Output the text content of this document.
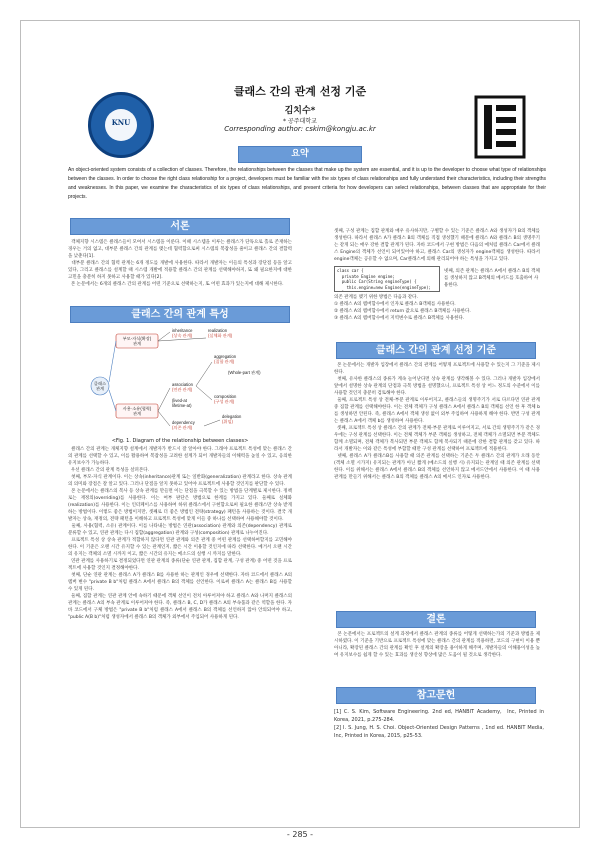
KNU
클래스 간의 관계 선정 기준
김치수*
* 공주대학교
Corresponding author: cskim@kongju.ac.kr
요약
An object-oriented system consists of a collection of classes. Therefore, the relationships between the classes that make up the system are essential, and it is up to the developer to choose what type of relationships between the classes. In order to choose the right class relationship for a project, developers must be familiar with the six types of class relationships and fully understand their characteristics, including their strengths and weaknesses. In this paper, we examine the characteristics of six types of class relationships, and present criteria for how developers can select relationships, between classes that are appropriate for their projects.
서론
객체지향 시스템은 클래스들이 모여서 시스템을 이룬다. 이때 시스템을 이루는 클래스가 단독으로 홀로 존재하는 경우는 거의 없고, 대부분 클래스 간의 관계를 맺는데 협력함으로써 시스템의 복잡성을 줄이고 클래스 간의 결합력을 낮춘다[1].
대부분 클래스 간의 협력 관계는 6개 정도를 개발에 사용한다. 따라서 개발자는 이들의 특성과 장단점 등을 알고 있다, 그리고 클래스를 설계할 때 시스템 개발에 적용할 클래스 간의 관계를 선택해야하지, 또 왜 필요한지에 대한 고민을 충분히 하지 못하고 사용할 때가 있다[2].
본 논문에서는 6개의 클래스 간의 관계를 어떤 기준으로 선택하는지, 또 어떤 효과가 있는지에 대해 제시한다.
클래스 간의 관계 특성
클래스
관계
부모-자식(확장)
관계
사용·소유(협력)
관계
inheritance
(상속 관계)
realization
(실체화 관계)
association
(연관 관계)
(lived-at
lifetime-at)
dependency
(의존 관계)
aggregation
(집합 관계)
(Whole-part 관계)
composition
(구성 관계)
delegation
(위임)
<Fig. 1. Diagram of the relationship between classes>
클래스 간의 관계는 개체지향 설계에서 개발자가 반드시 잘 알아야 한다. 그래야 프로젝트 특성에 맞는 클래스 간의 관계를 선택할 수 있고, 이를 활용하여 복잡성을 고려한 설계가 되어 개발자들의 이해력을 높일 수 있고, 응의한 유지보수가 가능하다.
우선 클래스 간의 관계 특성을 살펴본다.
첫째, 부모-자식 관계이다. 이는 상속(inheritance)관계 또는 일반화(generalization) 관계라고 한다. 상속 관계의 의미와 장점은 잘 알고 있다. 그러나 단점을 알지 못하고 있어야 프로젝트에 사용할 것인지를 판단할 수 있다.
본 논문에서는 클래스의 복사 등 상속 관계를 만들면 이는 단점을 극복할 수 있는 방법을 단계별로 제시한다. 정책로는 재정의(overriding)를 사용한다. 이는 여부 판단은 방법으로 한계를 가지고 있다. 둘째로 실체화(realization)를 사용한다. 이는 인터페이스를 사용하여 하위 클래스에서 구현함으로써 필요한 클래스만 상속 받게 하는 방법이다. 이렇도 좋은 방법이지만, 셋째로 더 좋은 방법인 전략(strategy) 패턴을 사용하는 것이다. 결국 개발자는 상속, 재정의, 전략 패턴을 이해하고 프로젝트 특성에 맞게 이들 중 하나를 선택하여 사용해야할 것이다.
둘째, 사용(협력, 소유) 관계이다. 이를 나타내는 방법은 연관(association) 관계와 의존(dependency) 관계로 분류할 수 있고, 연관 관계는 다시 집합(aggregation) 관계와 구성(composition) 관계로 나누어진다.
프로젝트 특성 상 상속 관계가 적합하지 않다면 연관 관계와 의존 관계 중 어떤 관계를 선택하여할지를 고민해야한다. 이 기준은 오랜 시간 유지할 수 있는 관계인지, 짧은 시간 이용할 것인지에 따라 선택한다. 예거서 오랜 시간의 유지는 객체의 소멸 시까지 이고, 짧은 시간의 유지는 메소드의 실행 시 까지를 말한다.
연관 관계를 사용하기로 결정되었다면 연관 관계의 종류(단순 연관 관계, 집합 관계, 구성 관계) 중 어떤 것을 프로젝트에 사용할 것인지 결정해야한다.
첫째, 단순 연관 관계는 클래스 A가 클래스 B를 사용한 하는 관계인 경우에 선택한다. 자바 코드에서 클래스 A의 멤버 변수 "private B b"처럼 클래스 A에서 클래스 B의 객체를 선언한다. 이로써 클래스 A는 클래스 B를 사용할 수 있게 된다.
둘째, 집합 관계는 연관 관계 안에 속하기 때문에 객체 선언이 전치 아루어져야 하고 클래스 A와 나머지 클래스의 관계는 클래스 A의 부속 관계로 이루어져야 한다. 즉, 클래스 B, C, D가 클래스 A의 부속품과 같은 역할을 한다. 자바 코드에서 구체 방법은 "private B b"처럼 클래스 A에서 클래스 B의 객체를 선언하지 않아 안의되어야 하고, "public A(B b)"처럼 생성자에서 클래스 B의 객체가 외부에서 주입되어 사용하게 된다.
셋째, 구성 관계는 집합 관계와 매우 유사하지만, 구별할 수 있는 기준은 클래스 A와 생성자가 B의 객체를 생성한다. 따라서 클래스 A가 클래스 B의 객체를 직접 생성했기 때문에 클래스 A와 클래스 B의 생명주기는 같게 되는 매우 강한 결합 관계가 된다. 자바 코드에서 구현 방법은 다음의 예처럼 클래스 Car에서 클래스 Engine의 객체가 선언이 되어있어야 하고, 클래스 Car의 생성자가 engine객체를 생성한다. 따라서 engine객체는 공유할 수 없으며, Car클래스에 의해 관리되어야 하는 특성을 가지고 있다.
class car {
private Engine engine;
public Car(String engineType) {
this.engine=new Engine(engineType);

넷째, 의존 관계는 클래스 A에서 클래스 B의 객체를 생성하지 않고 B객체의 메서드를 호출하여 사용한다.
의존 관계를 맺기 위한 방법은 다음과 같다.
① 클래스 A의 멤버함수에서 인자로 클래스 B객체를 사용한다.
② 클래스 A의 멤버함수에서 return 값으로 클래스 B객체를 사용한다.
③ 클래스 A의 멤버함수에서 지역변수로 클래스 B객체를 사용한다.
클래스 간의 관계 선정 기준
본 논문에서는 개발자 입장에서 클래스 간의 관계를 어떻게 프로젝트에 사용할 수 있는지 그 기준을 제시한다.
첫째, 유사한 클래스의 종류가 계속 늘어난다면 상속 관계를 생각해볼 수 있다. 그러나 개발자 입장에서 앞에서 설명한 상속 관계의 단점과 극복 방법을 설명했으니, 프로젝트 특성 상 어느 정도의 수준에서 이를 사용할 것인지 충분히 검토해야 한다.
둘째, 프로젝트 특성 상 전체-부분 관계로 이루어지고, 클래스들의 생명주기가 서로 다르다면 연관 관계 중 집합 관계를 선택해야한다. 이는 전체 객체가 구성 클래스 A에서 클래스 B의 객체를 선언 한 후 객체 b를 생성하면 안된다. 즉, 클래스 A에서 객체 생성 없이 외부 주입하여 사용하게 해야 한다. 반면 구성 관계는 클래스 A에서 객체 b를 생성하여 사용한다.
셋째, 프로젝트 특성 상 클래스 간의 관계가 전체-부분 관계로 이루어지고, 서로 간의 생명주기가 같은 경우에는 구성 관계를 선택한다. 이는 전체 객체가 부분 객체를 생성하고, 전체 객체가 소멸되면 부분 객체도 함께 소멸되며, 전체 객체가 복사되면 부분 객체도 함께 복사되기 때문에 강한 결합 관계를 갖고 있다. 따라서 개발자는 이와 같은 특성에 부합할 때만 구성 관계를 선택하여 프로젝트에 적용한다.
넷째, 클래스 A가 클래스B를 사용할 때 의존 관계를 선택하는 기준은 두 클래스 간의 관계가 오래 동안(객체 소멸 시가지) 유지되는 관계가 아닌 짧게 (메소드의 실행 시) 유지되는 관계일 때 의존 관계를 선택한다. 이를 위해서는 클래스 A에서 클래스 B의 객체를 선언하지 않고 메서드안에서 사용한다. 이 때 사용 관계를 만들기 위해서는 클래스 B의 객체를 클래스 A의 메서드 인자로 사용한다.
결론
본 논문에서는 프로젝트의 설계 과정에서 클래스 관계의 종류를 어떻게 선택하는가의 기준과 방법을 제시하였다. 이 기준을 기반으로 프로젝트 특성에 맞는 클래스 간의 관계를 적용하면, 코드의 구현이 이용 뿐 아니라, 확장된 클래스 간의 관계를 확인 후 설계의 확장을 용이하게 해주며, 개발자들의 이해용이성을 높여 유지보수를 쉽게 할 수 있는 효과를 생산성 향상에 많은 도움이 될 것으로 생각한다.
참고문헌
[1] C. S. Kim, Software Engineering. 2nd ed, HANBIT Academy,  Inc, Printed in Korea, 2021, p.275-284.
[2] I. S. Jung, H. S. Choi. Object-Oriented Design Patterns , 1nd ed. HANBIT Media,  Inc, Printed in Korea, 2015, p25-53.
- 285 -
